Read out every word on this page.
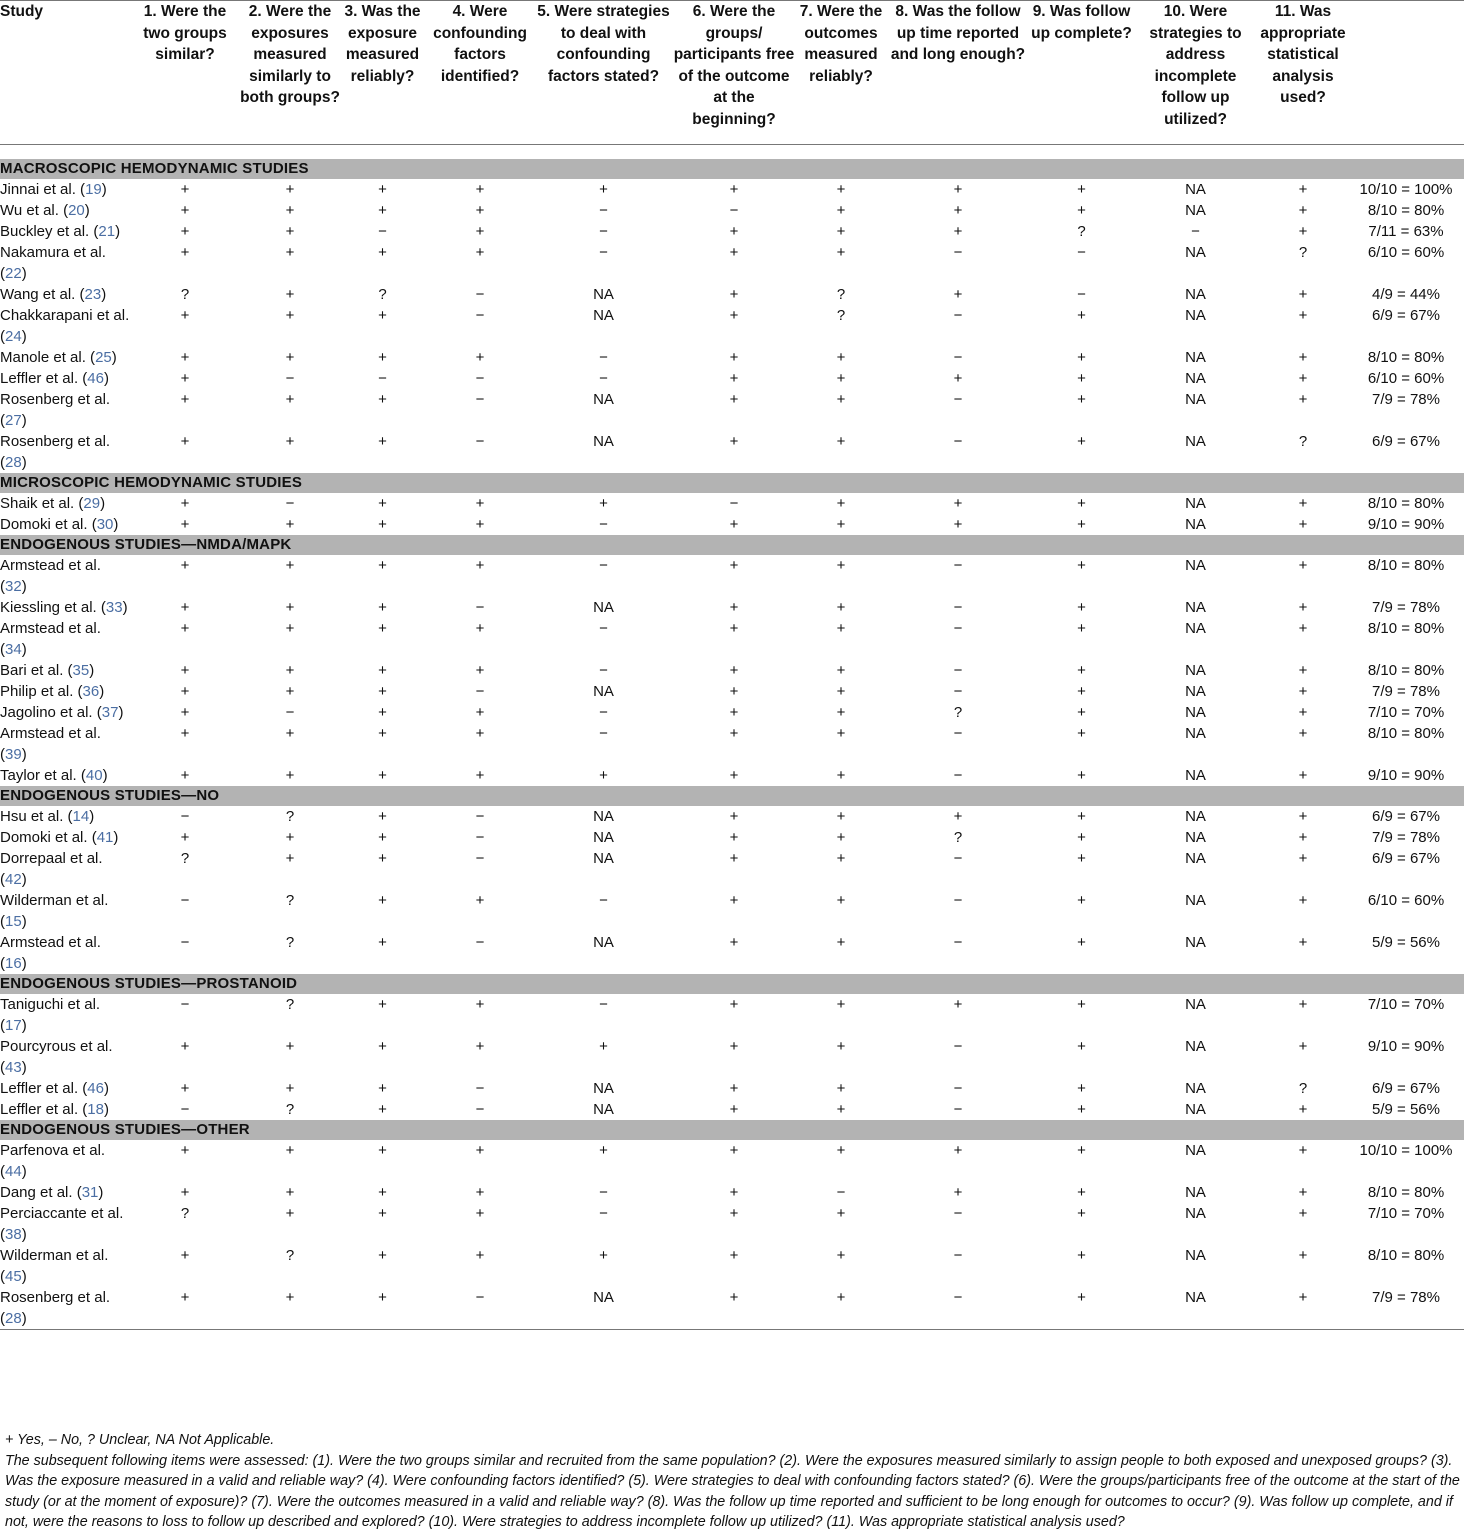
Study	1. Were the two groups similar?	2. Were the exposures measured similarly to both groups?	3. Was the exposure measured reliably?	4. Were confounding factors identified?	5. Were strategies to deal with confounding factors stated?	6. Were the groups/ participants free of the outcome at the beginning?	7. Were the outcomes measured reliably?	8. Was the follow up time reported and long enough?	9. Was follow up complete?	10. Were strategies to address incomplete follow up utilized?	11. Was appropriate statistical analysis used?	

MACROSCOPIC HEMODYNAMIC STUDIES												
Jinnai et al. (19)	+	+	+	+	+	+	+	+	+	NA	+	10/10 = 100%
Wu et al. (20)	+	+	+	+	−	−	+	+	+	NA	+	8/10 = 80%
Buckley et al. (21)	+	+	−	+	−	+	+	+	?	−	+	7/11 = 63%
Nakamura et al. (22)	+	+	+	+	−	+	+	−	−	NA	?	6/10 = 60%
Wang et al. (23)	?	+	?	−	NA	+	?	+	−	NA	+	4/9 = 44%
Chakkarapani et al. (24)	+	+	+	−	NA	+	?	−	+	NA	+	6/9 = 67%
Manole et al. (25)	+	+	+	+	−	+	+	−	+	NA	+	8/10 = 80%
Leffler et al. (46)	+	−	−	−	−	+	+	+	+	NA	+	6/10 = 60%
Rosenberg et al. (27)	+	+	+	−	NA	+	+	−	+	NA	+	7/9 = 78%
Rosenberg et al. (28)	+	+	+	−	NA	+	+	−	+	NA	?	6/9 = 67%
MICROSCOPIC HEMODYNAMIC STUDIES												
Shaik et al. (29)	+	−	+	+	+	−	+	+	+	NA	+	8/10 = 80%
Domoki et al. (30)	+	+	+	+	−	+	+	+	+	NA	+	9/10 = 90%
ENDOGENOUS STUDIES—NMDA/MAPK												
Armstead et al. (32)	+	+	+	+	−	+	+	−	+	NA	+	8/10 = 80%
Kiessling et al. (33)	+	+	+	−	NA	+	+	−	+	NA	+	7/9 = 78%
Armstead et al. (34)	+	+	+	+	−	+	+	−	+	NA	+	8/10 = 80%
Bari et al. (35)	+	+	+	+	−	+	+	−	+	NA	+	8/10 = 80%
Philip et al. (36)	+	+	+	−	NA	+	+	−	+	NA	+	7/9 = 78%
Jagolino et al. (37)	+	−	+	+	−	+	+	?	+	NA	+	7/10 = 70%
Armstead et al. (39)	+	+	+	+	−	+	+	−	+	NA	+	8/10 = 80%
Taylor et al. (40)	+	+	+	+	+	+	+	−	+	NA	+	9/10 = 90%
ENDOGENOUS STUDIES—NO												
Hsu et al. (14)	−	?	+	−	NA	+	+	+	+	NA	+	6/9 = 67%
Domoki et al. (41)	+	+	+	−	NA	+	+	?	+	NA	+	7/9 = 78%
Dorrepaal et al. (42)	?	+	+	−	NA	+	+	−	+	NA	+	6/9 = 67%
Wilderman et al. (15)	−	?	+	+	−	+	+	−	+	NA	+	6/10 = 60%
Armstead et al. (16)	−	?	+	−	NA	+	+	−	+	NA	+	5/9 = 56%
ENDOGENOUS STUDIES—PROSTANOID												
Taniguchi et al. (17)	−	?	+	+	−	+	+	+	+	NA	+	7/10 = 70%
Pourcyrous et al. (43)	+	+	+	+	+	+	+	−	+	NA	+	9/10 = 90%
Leffler et al. (46)	+	+	+	−	NA	+	+	−	+	NA	?	6/9 = 67%
Leffler et al. (18)	−	?	+	−	NA	+	+	−	+	NA	+	5/9 = 56%
ENDOGENOUS STUDIES—OTHER												
Parfenova et al. (44)	+	+	+	+	+	+	+	+	+	NA	+	10/10 = 100%
Dang et al. (31)	+	+	+	+	−	+	−	+	+	NA	+	8/10 = 80%
Perciaccante et al. (38)	?	+	+	+	−	+	+	−	+	NA	+	7/10 = 70%
Wilderman et al. (45)	+	?	+	+	+	+	+	−	+	NA	+	8/10 = 80%
Rosenberg et al. (28)	+	+	+	−	NA	+	+	−	+	NA	+	7/9 = 78%

+ Yes, – No, ? Unclear, NA Not Applicable.

The subsequent following items were assessed: (1). Were the two groups similar and recruited from the same population? (2). Were the exposures measured similarly to assign people to both exposed and unexposed groups? (3). Was the exposure measured in a valid and reliable way? (4). Were confounding factors identified? (5). Were strategies to deal with confounding factors stated? (6). Were the groups/participants free of the outcome at the start of the study (or at the moment of exposure)? (7). Were the outcomes measured in a valid and reliable way? (8). Was the follow up time reported and sufficient to be long enough for outcomes to occur? (9). Was follow up complete, and if not, were the reasons to loss to follow up described and explored? (10). Were strategies to address incomplete follow up utilized? (11). Was appropriate statistical analysis used?
